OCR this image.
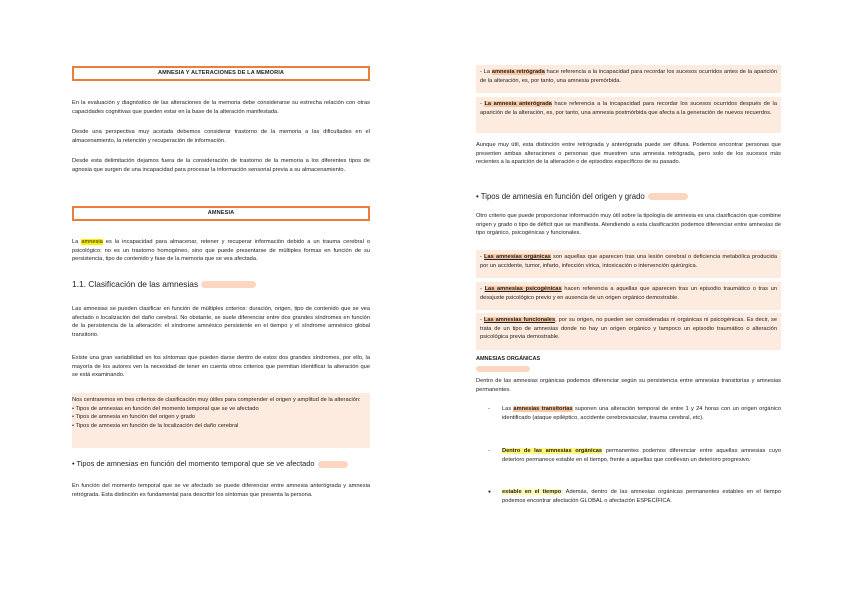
AMNESIA Y ALTERACIONES DE LA MEMORIA

En la evaluación y diagnóstico de las alteraciones de la memoria debe considerarse su estrecha relación con otras capacidades cognitivas que pueden estar en la base de la alteración manifestada.

Desde una perspectiva muy acotada debemos considerar trastorno de la memoria a las dificultades en el almacenamiento, la retención y recuperación de información.

Desde esta delimitación dejamos fuera de la consideración de trastorno de la memoria a los diferentes tipos de agnosia que surgen de una incapacidad para procesar la información sensorial previa a su almacenamiento.

AMNESIA

La amnesia es la incapacidad para almacenar, retener y recuperar información debido a un trauma cerebral o psicológico; no es un trastorno homogéneo, sino que puede presentarse de múltiples formas en función de su persistencia, tipo de contenido y fase de la memoria que se vea afectada.

1.1. Clasificación de las amnesias

Las amnesias se pueden clasificar en función de múltiples criterios: duración, origen, tipo de contenido que se vea afectado o localización del daño cerebral. No obstante, se suele diferenciar entre dos grandes síndromes en función de la persistencia de la alteración: el síndrome amnésico persistente en el tiempo y el síndrome amnésico global transitorio.

Existe una gran variabilidad en los síntomas que pueden darse dentro de estos dos grandes síndromes, por ello, la mayoría de los autores ven la necesidad de tener en cuenta otros criterios que permitan identificar la alteración que se está examinando.

Nos centraremos en tres criterios de clasificación muy útiles para comprender el origen y amplitud de la alteración:

• Tipos de amnesias en función del momento temporal que se ve afectado

• Tipos de amnesia en función del origen y grado

• Tipos de amnesia en función de la localización del daño cerebral

• Tipos de amnesias en función del momento temporal que se ve afectado

En función del momento temporal que se ve afectado se puede diferenciar entre amnesia anterógrada y amnesia retrógrada. Esta distinción es fundamental para describir los síntomas que presenta la persona.

- La amnesia retrógrada hace referencia a la incapacidad para recordar los sucesos ocurridos antes de la aparición de la alteración, es, por tanto, una amnesia premórbida.

- La amnesia anterógrada hace referencia a la incapacidad para recordar los sucesos ocurridos después de la aparición de la alteración, es, por tanto, una amnesia postmórbida que afecta a la generación de nuevos recuerdos.

Aunque muy útil, esta distinción entre retrógrada y anterógrada puede ser difusa. Podemos encontrar personas que presenten ambas alteraciones o personas que muestren una amnesia retrógrada, pero solo de los sucesos más recientes a la aparición de la alteración o de episodios específicos de su pasado.

• Tipos de amnesia en función del origen y grado

Otro criterio que puede proporcionar información muy útil sobre la tipología de amnesia es una clasificación que combine origen y grado o tipo de déficit que se manifiesta. Atendiendo a esta clasificación podemos diferenciar entre amnesias de tipo orgánico, psicogénicas y funcionales.

- Las amnesias orgánicas son aquellas que aparecen tras una lesión cerebral o deficiencia metabólica producida por un accidente, tumor, infarto, infección vírica, intoxicación o intervención quirúrgica.

- Las amnesias psicogénicas hacen referencia a aquellas que aparecen tras un episodio traumático o tras un desajuste psicológico previo y en ausencia de un origen orgánico demostrable.

- Las amnesias funcionales, por su origen, no pueden ser consideradas ni orgánicas ni psicogénicas. Es decir, se trata de un tipo de amnesias donde no hay un origen orgánico y tampoco un episodio traumático o alteración psicológica previa demostrable.

AMNESIAS ORGÁNICAS

Dentro de las amnesias orgánicas podemos diferenciar según su persistencia entre amnesias transitorias y amnesias permanentes.

- Las amnesias transitorias suponen una alteración temporal de entre 1 y 24 horas con un origen orgánico identificado (ataque epiléptico, accidente cerebrovascular, trauma cerebral, etc).

- Dentro de las amnesias orgánicas permanentes podemos diferenciar entre aquellas amnesias cuyo deterioro permanece estable en el tiempo, frente a aquellas que conllevan un deterioro progresivo.

● estable en el tiempo: Además, dentro de las amnesias orgánicas permanentes estables en el tiempo podemos encontrar afectación GLOBAL o afectación ESPECÍFICA.
